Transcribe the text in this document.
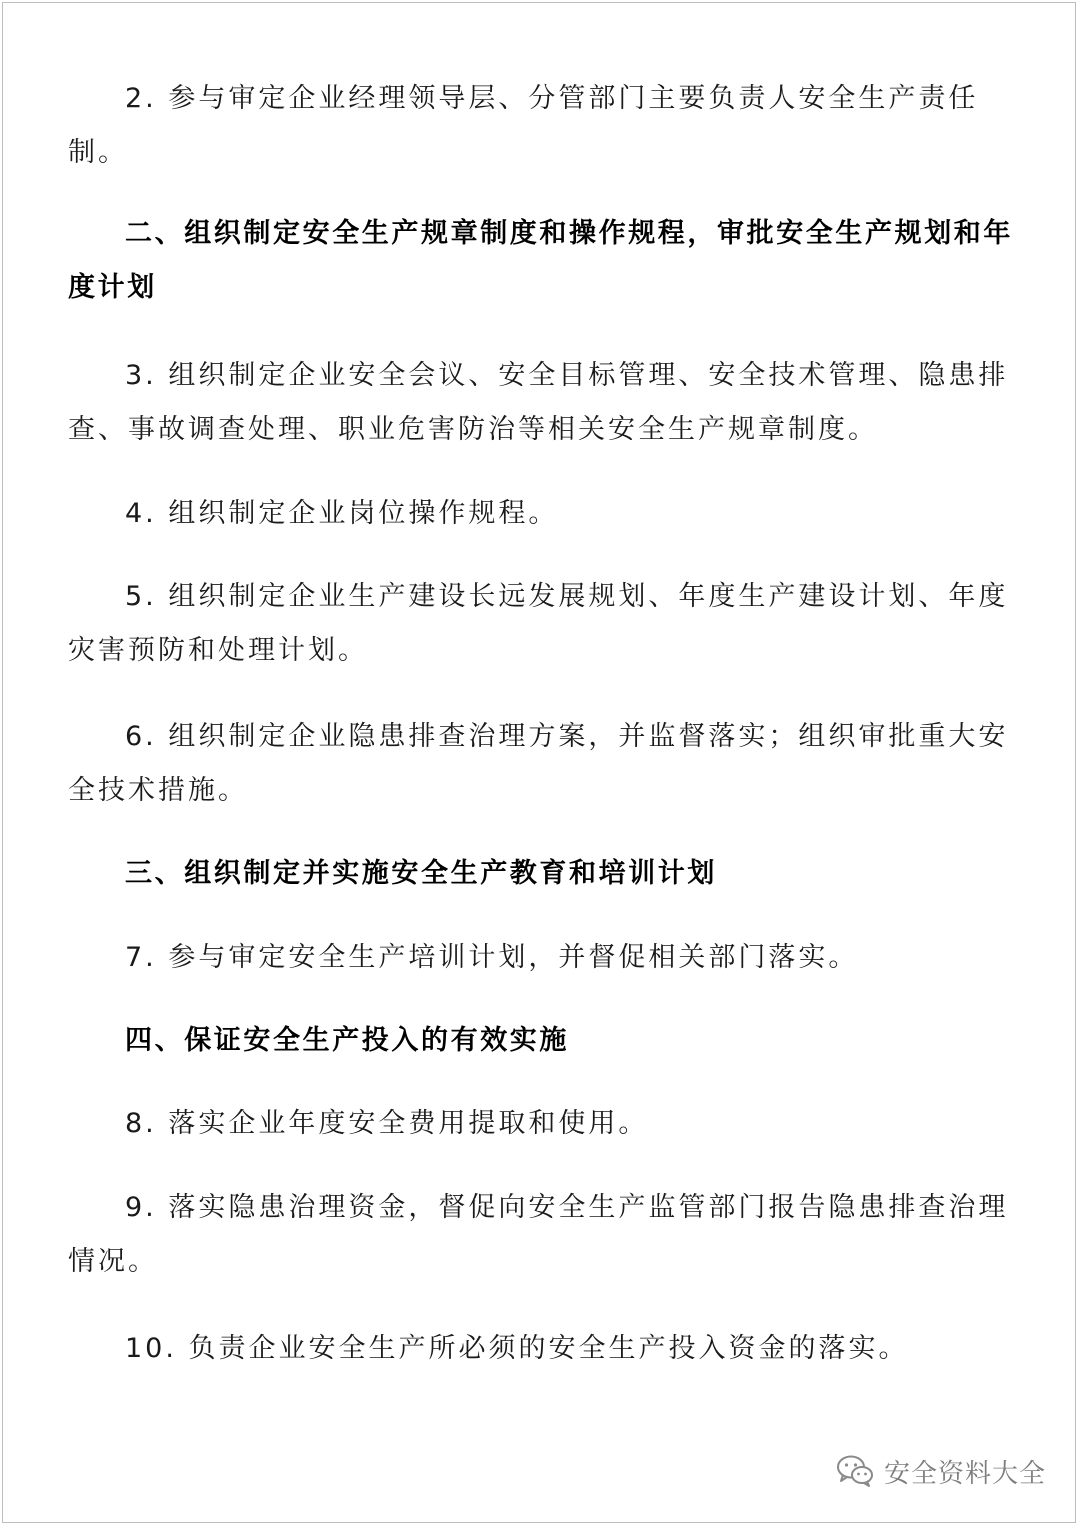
2. 参与审定企业经理领导层、分管部门主要负责人安全生产责任制。

二、组织制定安全生产规章制度和操作规程，审批安全生产规划和年度计划

3. 组织制定企业安全会议、安全目标管理、安全技术管理、隐患排查、事故调查处理、职业危害防治等相关安全生产规章制度。

4. 组织制定企业岗位操作规程。

5. 组织制定企业生产建设长远发展规划、年度生产建设计划、年度灾害预防和处理计划。

6. 组织制定企业隐患排查治理方案，并监督落实；组织审批重大安全技术措施。

三、组织制定并实施安全生产教育和培训计划

7. 参与审定安全生产培训计划，并督促相关部门落实。

四、保证安全生产投入的有效实施

8. 落实企业年度安全费用提取和使用。

9. 落实隐患治理资金，督促向安全生产监管部门报告隐患排查治理情况。

10. 负责企业安全生产所必须的安全生产投入资金的落实。

安全资料大全
